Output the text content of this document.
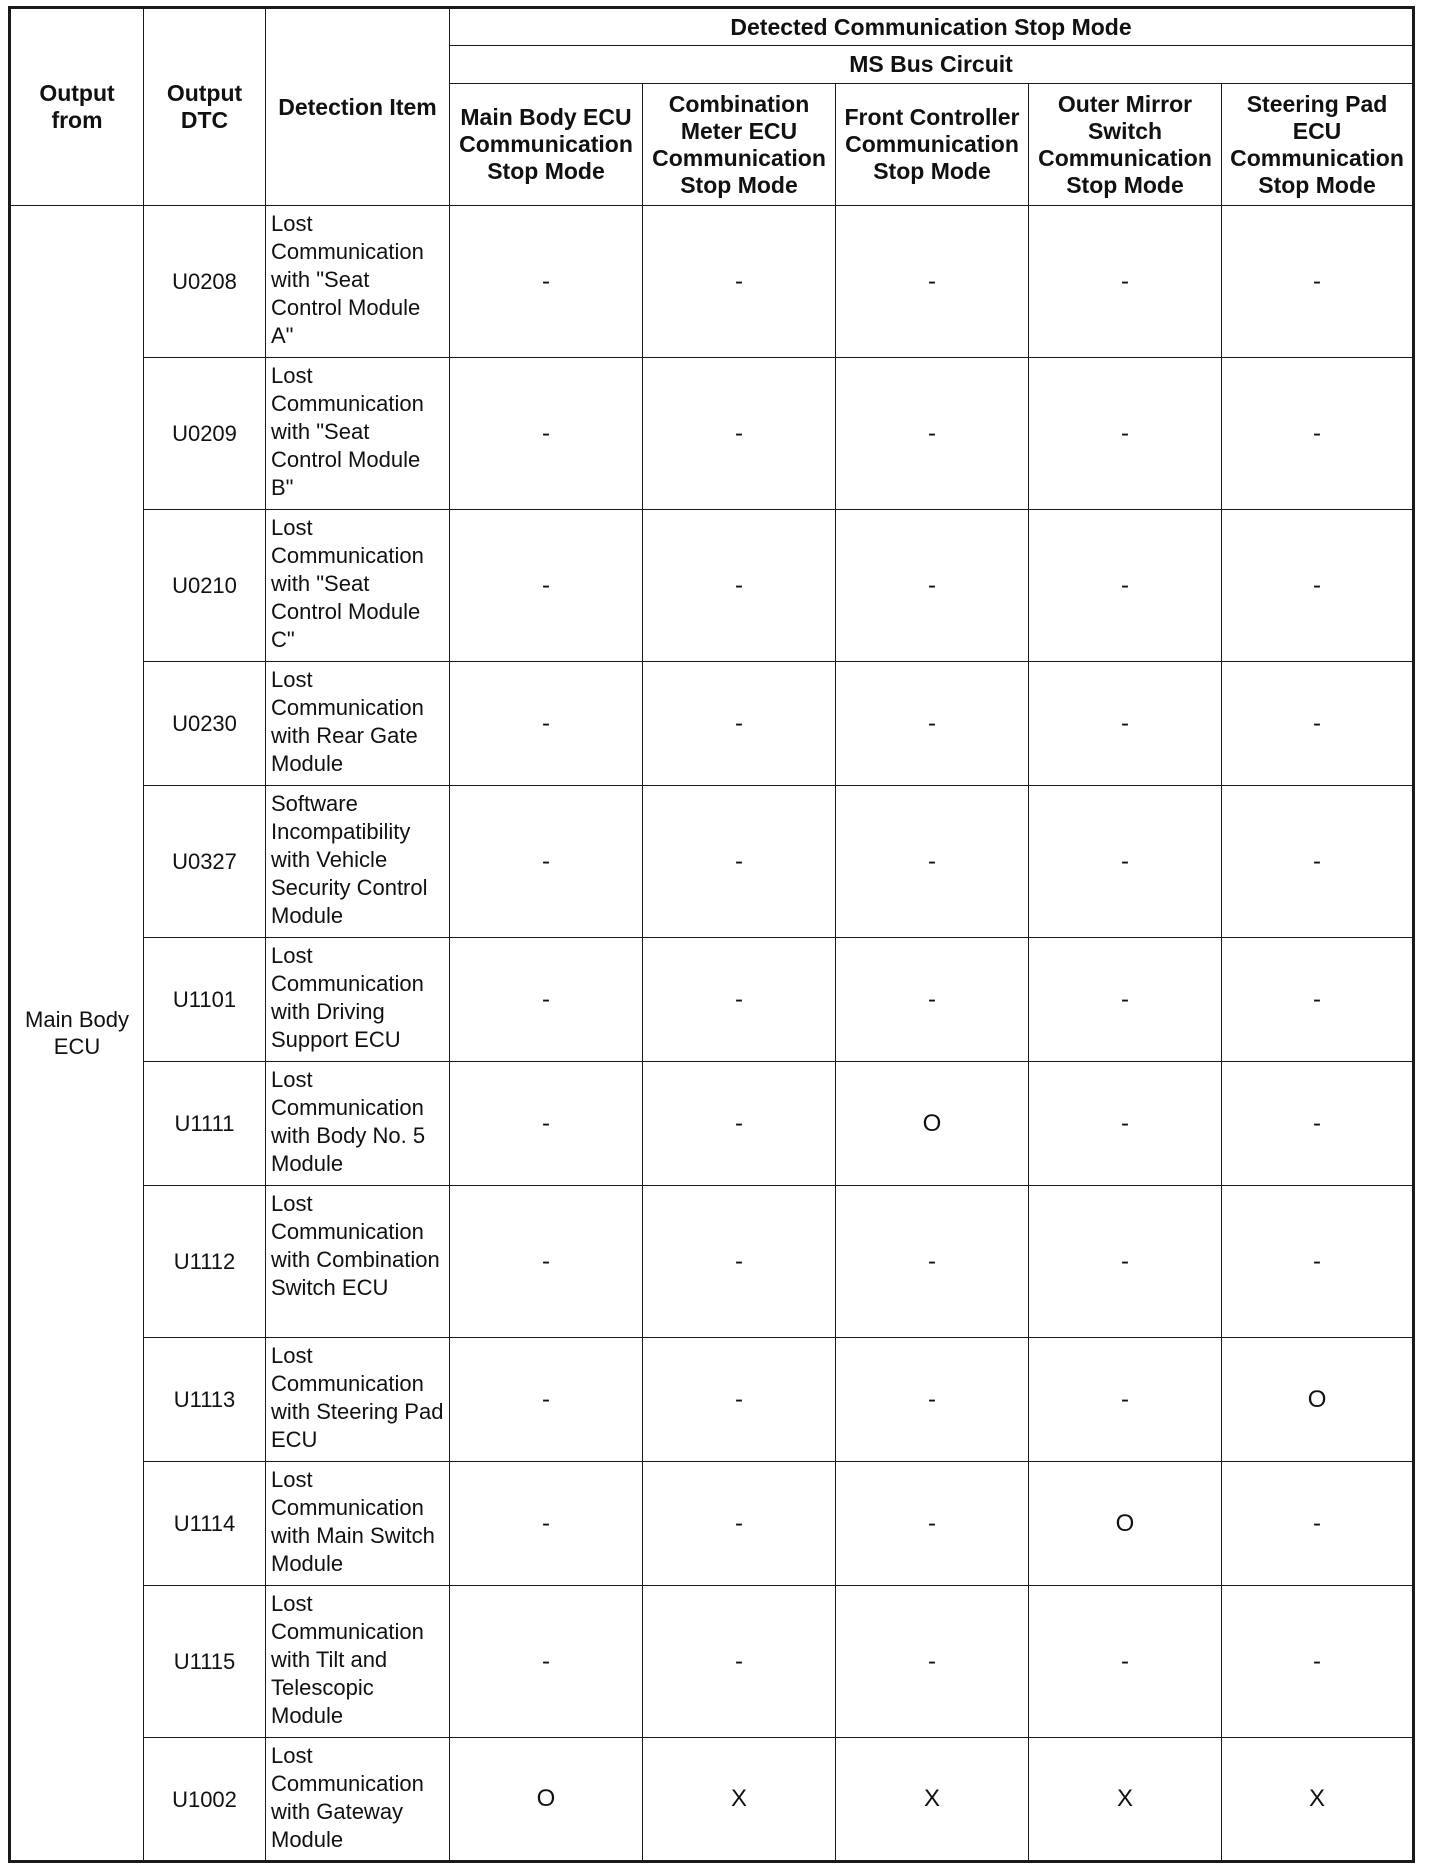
Output from	Output DTC	Detection Item	Detected Communication Stop Mode				
			MS Bus Circuit				
			Main Body ECU Communication Stop Mode	Combination Meter ECU Communication Stop Mode	Front Controller Communication Stop Mode	Outer Mirror Switch Communication Stop Mode	Steering Pad ECU Communication Stop Mode
Main Body ECU	U0208	Lost Communication with "Seat Control Module A"	-	-	-	-	-
	U0209	Lost Communication with "Seat Control Module B"	-	-	-	-	-
	U0210	Lost Communication with "Seat Control Module C"	-	-	-	-	-
	U0230	Lost Communication with Rear Gate Module	-	-	-	-	-
	U0327	Software Incompatibility with Vehicle Security Control Module	-	-	-	-	-
	U1101	Lost Communication with Driving Support ECU	-	-	-	-	-
	U1111	Lost Communication with Body No. 5 Module	-	-	O	-	-
	U1112	Lost Communication with Combination Switch ECU	-	-	-	-	-
	U1113	Lost Communication with Steering Pad ECU	-	-	-	-	O
	U1114	Lost Communication with Main Switch Module	-	-	-	O	-
	U1115	Lost Communication with Tilt and Telescopic Module	-	-	-	-	-
	U1002	Lost Communication with Gateway Module	O	X	X	X	X
